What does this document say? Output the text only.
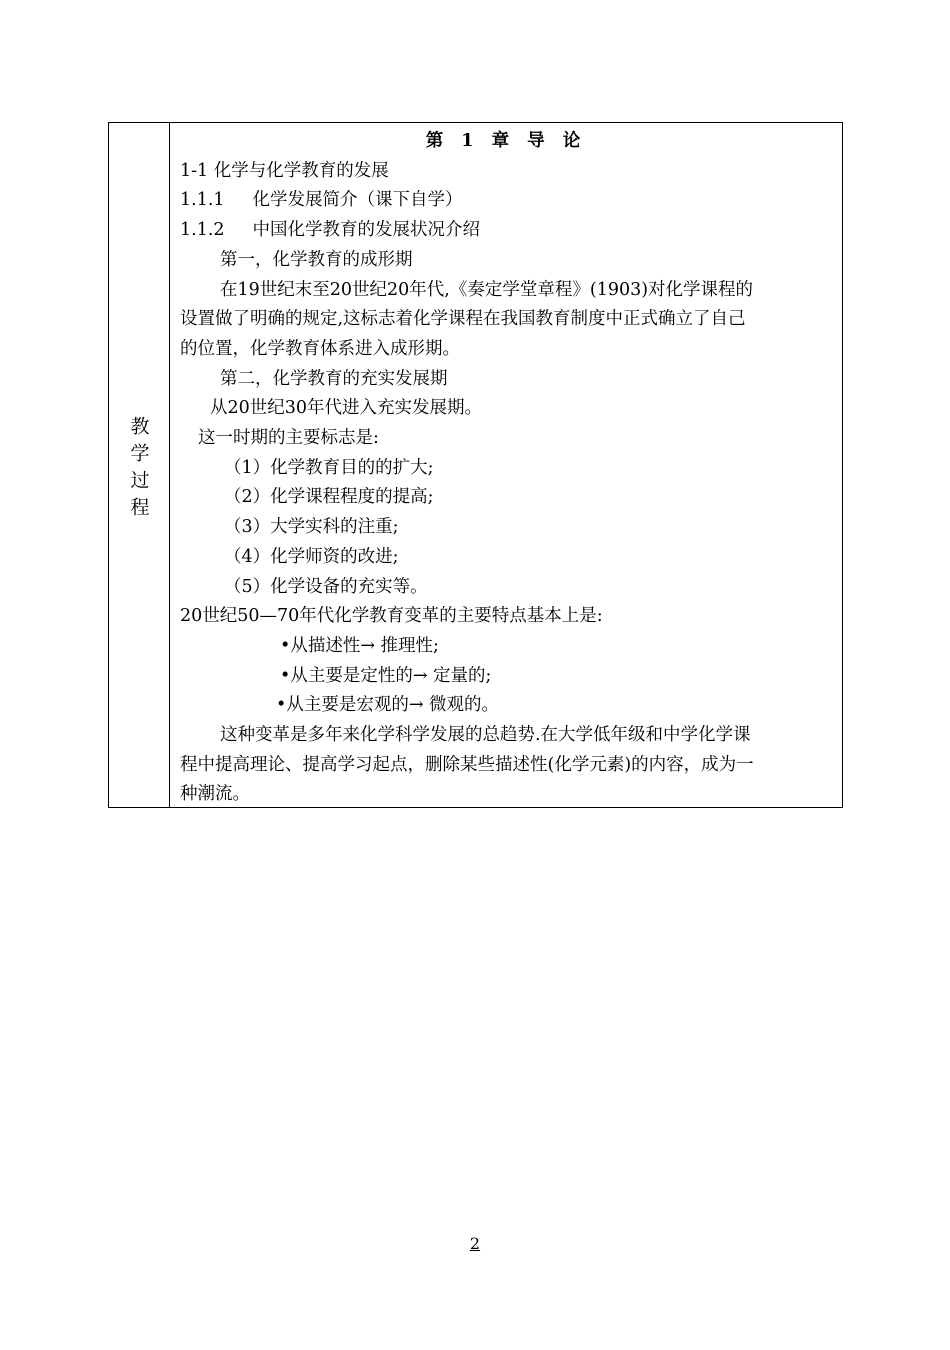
教学过程
第 1 章 导 论
1-1 化学与化学教育的发展
1.1.1 化学发展简介（课下自学）
1.1.2 中国化学教育的发展状况介绍
第一，化学教育的成形期
在19世纪末至20世纪20年代,《奏定学堂章程》(1903)对化学课程的
设置做了明确的规定,这标志着化学课程在我国教育制度中正式确立了自己
的位置，化学教育体系进入成形期。
第二，化学教育的充实发展期
从20世纪30年代进入充实发展期。
这一时期的主要标志是:
（1）化学教育目的的扩大;
（2）化学课程程度的提高;
（3）大学实科的注重;
（4）化学师资的改进;
（5）化学设备的充实等。
20世纪50—70年代化学教育变革的主要特点基本上是:
•从描述性→ 推理性;
•从主要是定性的→ 定量的;
•从主要是宏观的→ 微观的。
这种变革是多年来化学科学发展的总趋势.在大学低年级和中学化学课
程中提高理论、提高学习起点，删除某些描述性(化学元素)的内容，成为一
种潮流。
2
